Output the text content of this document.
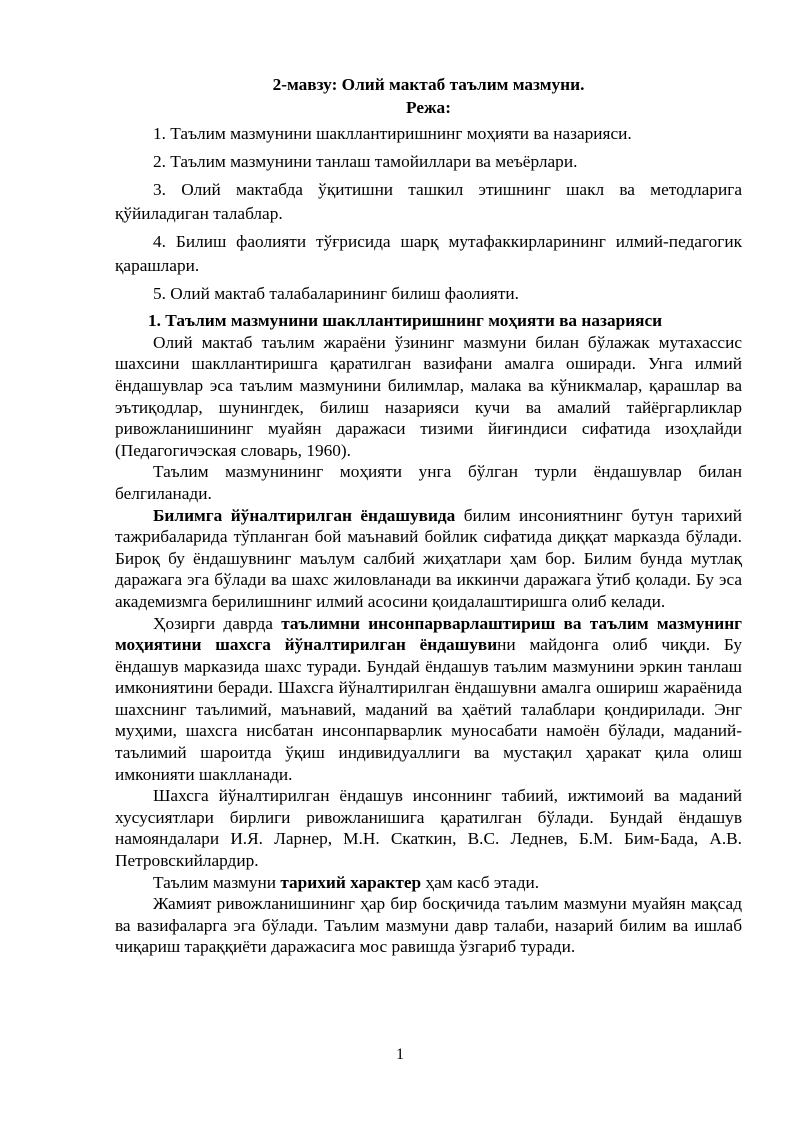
2-мавзу: Олий мактаб таълим мазмуни.

Режа:

1. Таълим мазмунини шакллантиришнинг моҳияти ва назарияси.

2. Таълим мазмунини танлаш тамойиллари ва меъёрлари.

3. Олий мактабда ўқитишни ташкил этишнинг шакл ва методларига қўйиладиган талаблар.

4. Билиш фаолияти тўғрисида шарқ мутафаккирларининг илмий-педагогик қарашлари.

5. Олий мактаб талабаларининг билиш фаолияти.

1. Таълим мазмунини шакллантиришнинг моҳияти ва назарияси

Олий мактаб таълим жараёни ўзининг мазмуни билан бўлажак мутахассис шахсини шакллантиришга қаратилган вазифани амалга оширади. Унга илмий ёндашувлар эса таълим мазмунини билимлар, малака ва кўникмалар, қарашлар ва эътиқодлар, шунингдек, билиш назарияси кучи ва амалий тайёргарликлар ривожланишининг муайян даражаси тизими йиғиндиси сифатида изоҳлайди (Педагогичэская словарь, 1960).

Таълим мазмунининг моҳияти унга бўлган турли ёндашувлар билан белгиланади.

Билимга йўналтирилган ёндашувида билим инсониятнинг бутун тарихий тажрибаларида тўпланган бой маънавий бойлик сифатида диққат марказда бўлади. Бироқ бу ёндашувнинг маълум салбий жиҳатлари ҳам бор. Билим бунда мутлақ даражага эга бўлади ва шахс жиловланади ва иккинчи даражага ўтиб қолади. Бу эса академизмга берилишнинг илмий асосини қоидалаштиришга олиб келади.

Ҳозирги даврда таълимни инсонпарварлаштириш ва таълим мазмунинг моҳиятини шахсга йўналтирилган ёндашувини майдонга олиб чиқди. Бу ёндашув марказида шахс туради. Бундай ёндашув таълим мазмунини эркин танлаш имкониятини беради. Шахсга йўналтирилган ёндашувни амалга ошириш жараёнида шахснинг таълимий, маънавий, маданий ва ҳаётий талаблари қондирилади. Энг муҳими, шахсга нисбатан инсонпарварлик муносабати намоён бўлади, маданий-таълимий шароитда ўқиш индивидуаллиги ва мустақил ҳаракат қила олиш имконияти шаклланади.

Шахсга йўналтирилган ёндашув инсоннинг табиий, ижтимоий ва маданий хусусиятлари бирлиги ривожланишига қаратилган бўлади. Бундай ёндашув намояндалари И.Я. Ларнер, М.Н. Скаткин, В.С. Леднев, Б.М. Бим-Бада, А.В. Петровскийлардир.

Таълим мазмуни тарихий характер ҳам касб этади.

Жамият ривожланишининг ҳар бир босқичида таълим мазмуни муайян мақсад ва вазифаларга эга бўлади. Таълим мазмуни давр талаби, назарий билим ва ишлаб чиқариш тараққиёти даражасига мос равишда ўзгариб туради.

1
